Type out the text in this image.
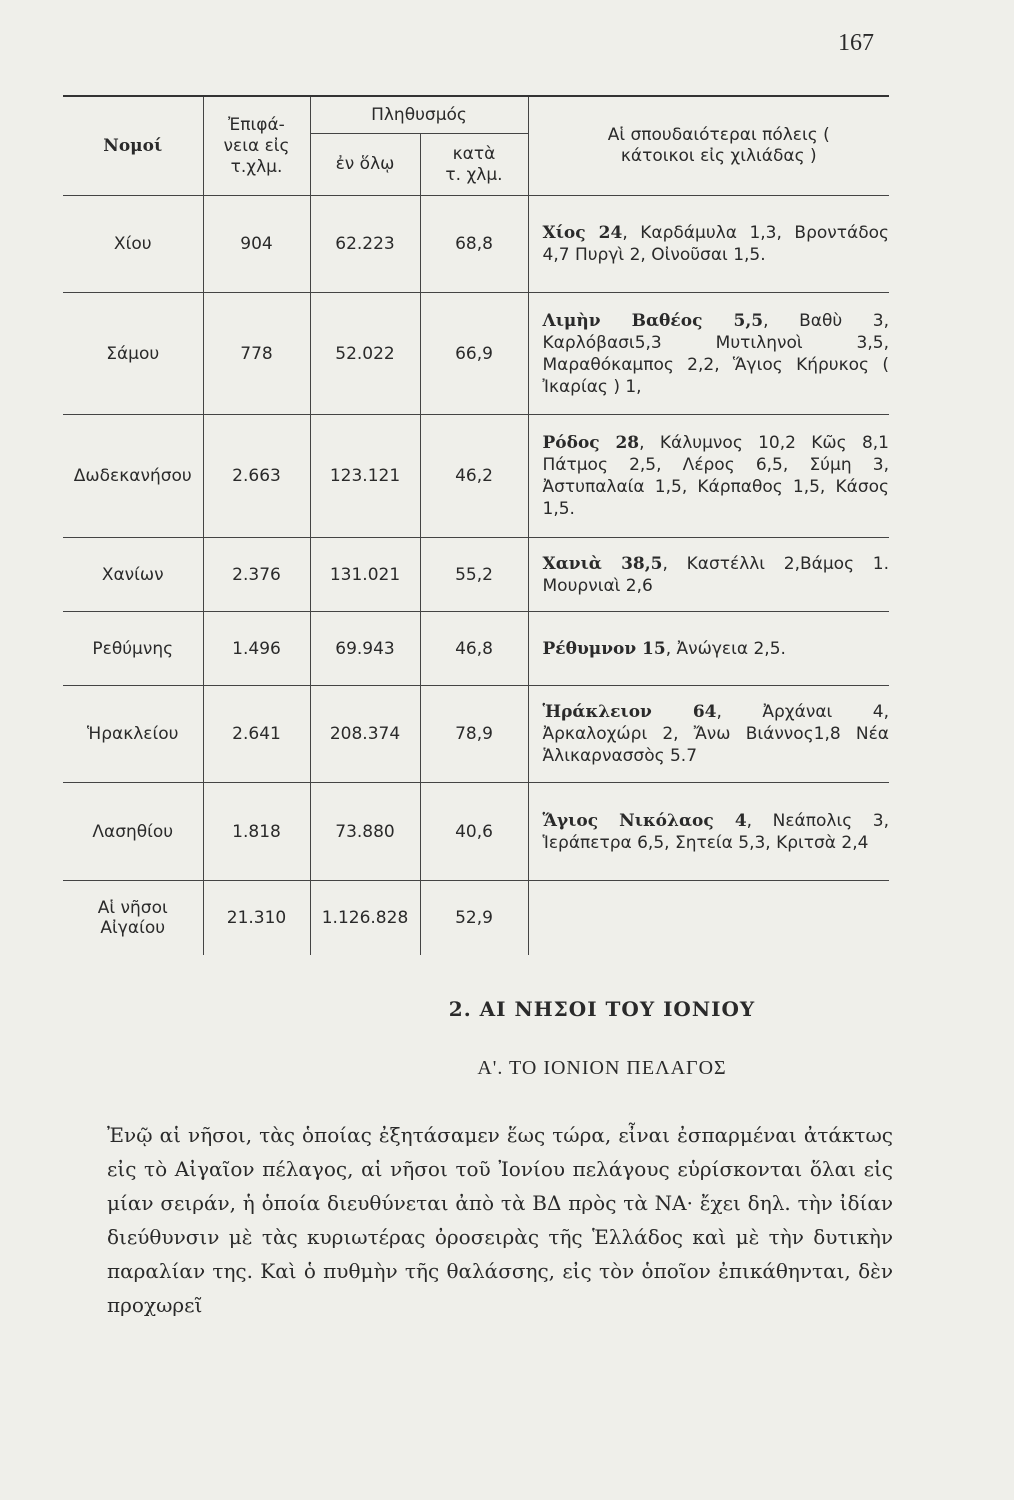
167
Νομοί	Ἐπιφά- νεια εἰς τ.χλμ.	Πληθυσμός		Αἱ σπουδαιότεραι πόλεις ( κάτοικοι εἰς χιλιάδας )
		ἐν ὅλῳ	κατὰ τ. χλμ.	
Χίου	904	62.223	68,8	Χίος 24, Καρδάμυλα 1,3, Βροντάδος 4,7 Πυργὶ 2, Οἰνοῦσαι 1,5.
Σάμου	778	52.022	66,9	Λιμὴν Βαθέος 5,5, Βαθὺ 3, Καρλόβασι5,3 Μυτιληνοὶ 3,5, Μαραθόκαμπος 2,2, Ἅγιος Κήρυκος ( Ἰκαρίας ) 1,
Δωδεκανήσου	2.663	123.121	46,2	Ρόδος 28, Κάλυμνος 10,2 Κῶς 8,1 Πάτμος 2,5, Λέρος 6,5, Σύμη 3, Ἀστυπαλαία 1,5, Κάρπαθος 1,5, Κάσος 1,5.
Χανίων	2.376	131.021	55,2	Χανιὰ 38,5, Καστέλλι 2,Βάμος 1. Μουρνιαὶ 2,6
Ρεθύμνης	1.496	69.943	46,8	Ρέθυμνον 15, Ἀνώγεια 2,5.
Ἡρακλείου	2.641	208.374	78,9	Ἡράκλειον 64, Ἀρχάναι 4, Ἀρκαλοχώρι 2, Ἄνω Βιάννος1,8 Νέα Ἁλικαρνασσὸς 5.7
Λασηθίου	1.818	73.880	40,6	Ἅγιος Νικόλαος 4, Νεάπολις 3, Ἱεράπετρα 6,5, Σητεία 5,3, Κριτσὰ 2,4
Αἱ νῆσοι Αἰγαίου	21.310	1.126.828	52,9	
2. ΑΙ ΝΗΣΟΙ ΤΟΥ ΙΟΝΙΟΥ
Α'. ΤΟ ΙΟΝΙΟΝ ΠΕΛΑΓΟΣ

Ἐνῷ αἱ νῆσοι, τὰς ὁποίας ἐξητάσαμεν ἕως τώρα, εἶναι ἐσπαρμέναι ἀτάκτως εἰς τὸ Αἰγαῖον πέλαγος, αἱ νῆσοι τοῦ Ἰονίου πελάγους εὑρίσκονται ὅλαι εἰς μίαν σειράν, ἡ ὁποία διευθύνεται ἀπὸ τὰ ΒΔ πρὸς τὰ ΝΑ· ἔχει δηλ. τὴν ἰδίαν διεύθυνσιν μὲ τὰς κυριωτέρας ὀροσειρὰς τῆς Ἑλλάδος καὶ μὲ τὴν δυτικὴν παραλίαν της. Καὶ ὁ πυθμὴν τῆς θαλάσσης, εἰς τὸν ὁποῖον ἐπικάθηνται, δὲν προχωρεῖ
